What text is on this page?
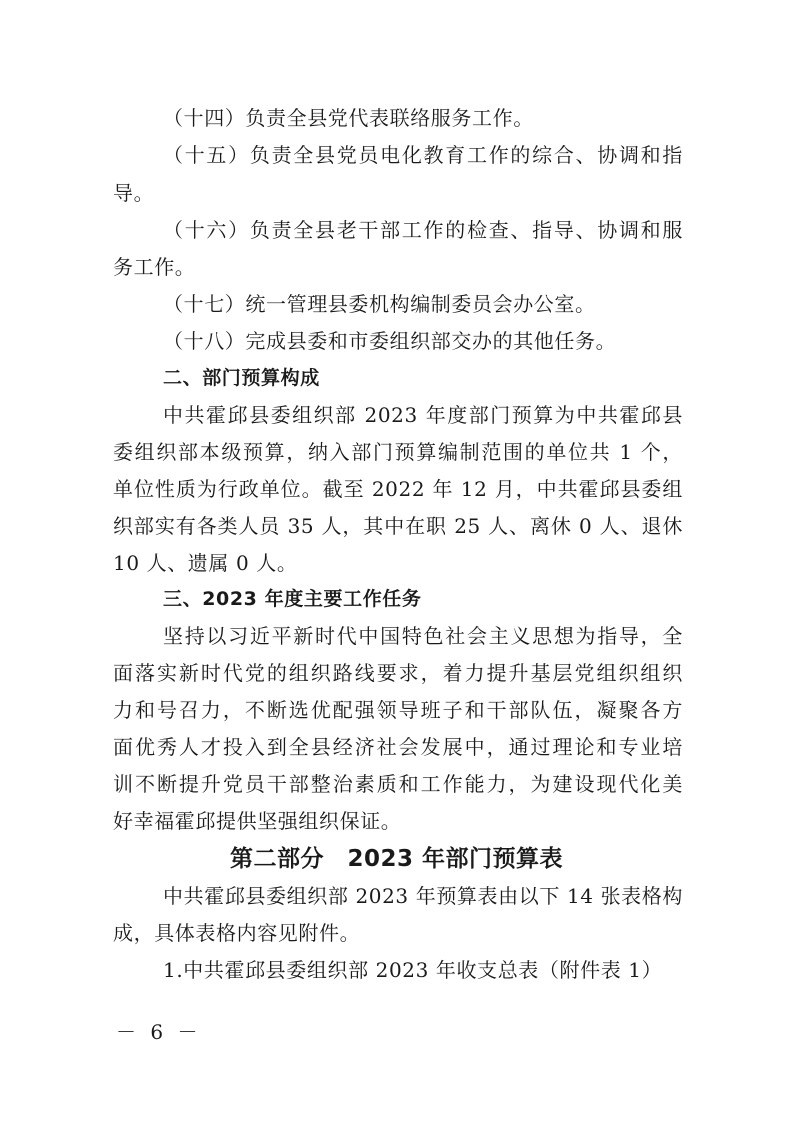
（十四）负责全县党代表联络服务工作。
（十五）负责全县党员电化教育工作的综合、协调和指
导。
（十六）负责全县老干部工作的检查、指导、协调和服
务工作。
（十七）统一管理县委机构编制委员会办公室。
（十八）完成县委和市委组织部交办的其他任务。
二、部门预算构成
中共霍邱县委组织部 2023 年度部门预算为中共霍邱县
委组织部本级预算，纳入部门预算编制范围的单位共 1 个，
单位性质为行政单位。截至 2022 年 12 月，中共霍邱县委组
织部实有各类人员 35 人，其中在职 25 人、离休 0 人、退休
10 人、遗属 0 人。
三、2023 年度主要工作任务
坚持以习近平新时代中国特色社会主义思想为指导，全
面落实新时代党的组织路线要求，着力提升基层党组织组织
力和号召力，不断选优配强领导班子和干部队伍，凝聚各方
面优秀人才投入到全县经济社会发展中，通过理论和专业培
训不断提升党员干部整治素质和工作能力，为建设现代化美
好幸福霍邱提供坚强组织保证。
第二部分　2023 年部门预算表
中共霍邱县委组织部 2023 年预算表由以下 14 张表格构
成，具体表格内容见附件。
1.中共霍邱县委组织部 2023 年收支总表（附件表 1）
－ 6 －
